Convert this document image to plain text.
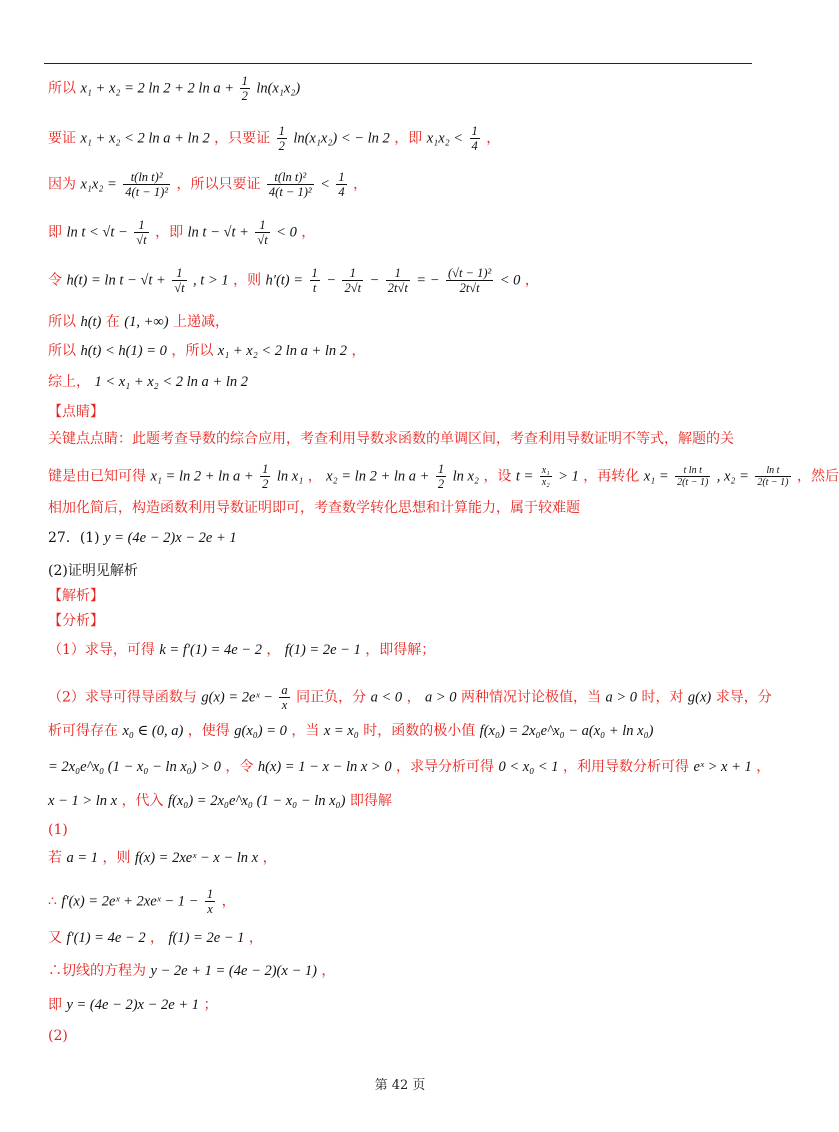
所以 x₁ + x₂ = 2 ln 2 + 2 $\ln a + \frac{1}{2} \ln(x_1x_2)$
要证 x₁ + x₂ < 2 ln a + ln 2 ，只要证 $\frac{1}{2} \ln(x_1x_2)$ < − ln 2 ，即 $x_1x_2 < \frac{1}{4}$ ，
因为 $x_1x_2 = \frac{\text{t(ln t)²}}{\text{4(t − 1)²}}$ ，所以只要证 $\frac{\text{t(ln t)²}}{\text{4(t − 1)²}} < \frac{1}{4}$ ，
即 $\ln t < √t - \frac{1}{√t}$ ，即 $\ln t - √t + \frac{1}{√t} < 0$ ，
令 $h(t) = \ln t - √t + \frac{1}{√t}$ , t > 1 ，则 $h'(t) = \frac{1}{t} - \frac{1}{2√t} - \frac{1}{2t√t}$ = − $\frac{\text{(√t − 1)²}}{2t√t} < 0$ ，
所以 h(t) 在 (1, +∞) 上递减，
所以 h(t) < h(1) = 0 ，所以 x₁ + x₂ < 2 ln a + ln 2 ，
综上， 1 < x₁ + x₂ < 2 ln a + ln 2
【点睛】
关键点点睛：此题考查导数的综合应用，考查利用导数求函数的单调区间，考查利用导数证明不等式，解题的关
键是由已知可得 $x_1 = \ln 2 + \ln a + \frac{1}{2}$ ln x₁ ， $x_2 = \ln 2 + \ln a + \frac{1}{2}$ ln x₂ ，设 $t = \frac{\text{x₁}}{\text{x₂}} > 1$ ，再转化 $x_1 = \frac{\text{t ln t}}{2(t - 1)}$ , $x_2 = \frac{\text{ln t}}{2(t - 1)}$ ，然后
相加化简后，构造函数利用导数证明即可，考查数学转化思想和计算能力，属于较难题
27．(1) y = (4e − 2)x − 2e + 1
(2)证明见解析
【解析】
【分析】
（1）求导，可得 k = f′(1) = 4e − 2 ， f(1) = 2e − 1 ，即得解；
（2）求导可得导函数与 g(x) = 2eˣ − $\frac{a}{x}$ 同正负，分 a < 0 ， a > 0 两种情况讨论极值，当 a > 0 时，对 g(x) 求导，分
析可得存在 x₀ ∈ (0, a) ，使得 g(x₀) = 0 ，当 x = x₀ 时，函数的极小值 f(x₀) = 2x₀e^x₀ − a(x₀ + ln x₀)
= 2x₀e^x₀ (1 − x₀ − ln x₀) > 0 ，令 h(x) = 1 − x − ln x > 0 ，求导分析可得 0 < x₀ < 1 ，利用导数分析可得 eˣ > x + 1 ，
x − 1 > ln x ，代入 f(x₀) = 2x₀e^x₀ (1 − x₀ − ln x₀) 即得解
(1)
若 a = 1 ，则 f(x) = 2xeˣ − x − ln x ，
∴ f′(x) = 2eˣ + 2xeˣ − $1 - \frac{1}{x}$ ，
又 f′(1) = 4e − 2 ， f(1) = 2e − 1 ，
∴切线的方程为 y − 2e + 1 = (4e − 2)(x − 1) ，
即 y = (4e − 2)x − 2e + 1 ；
(2)
第 42 页
